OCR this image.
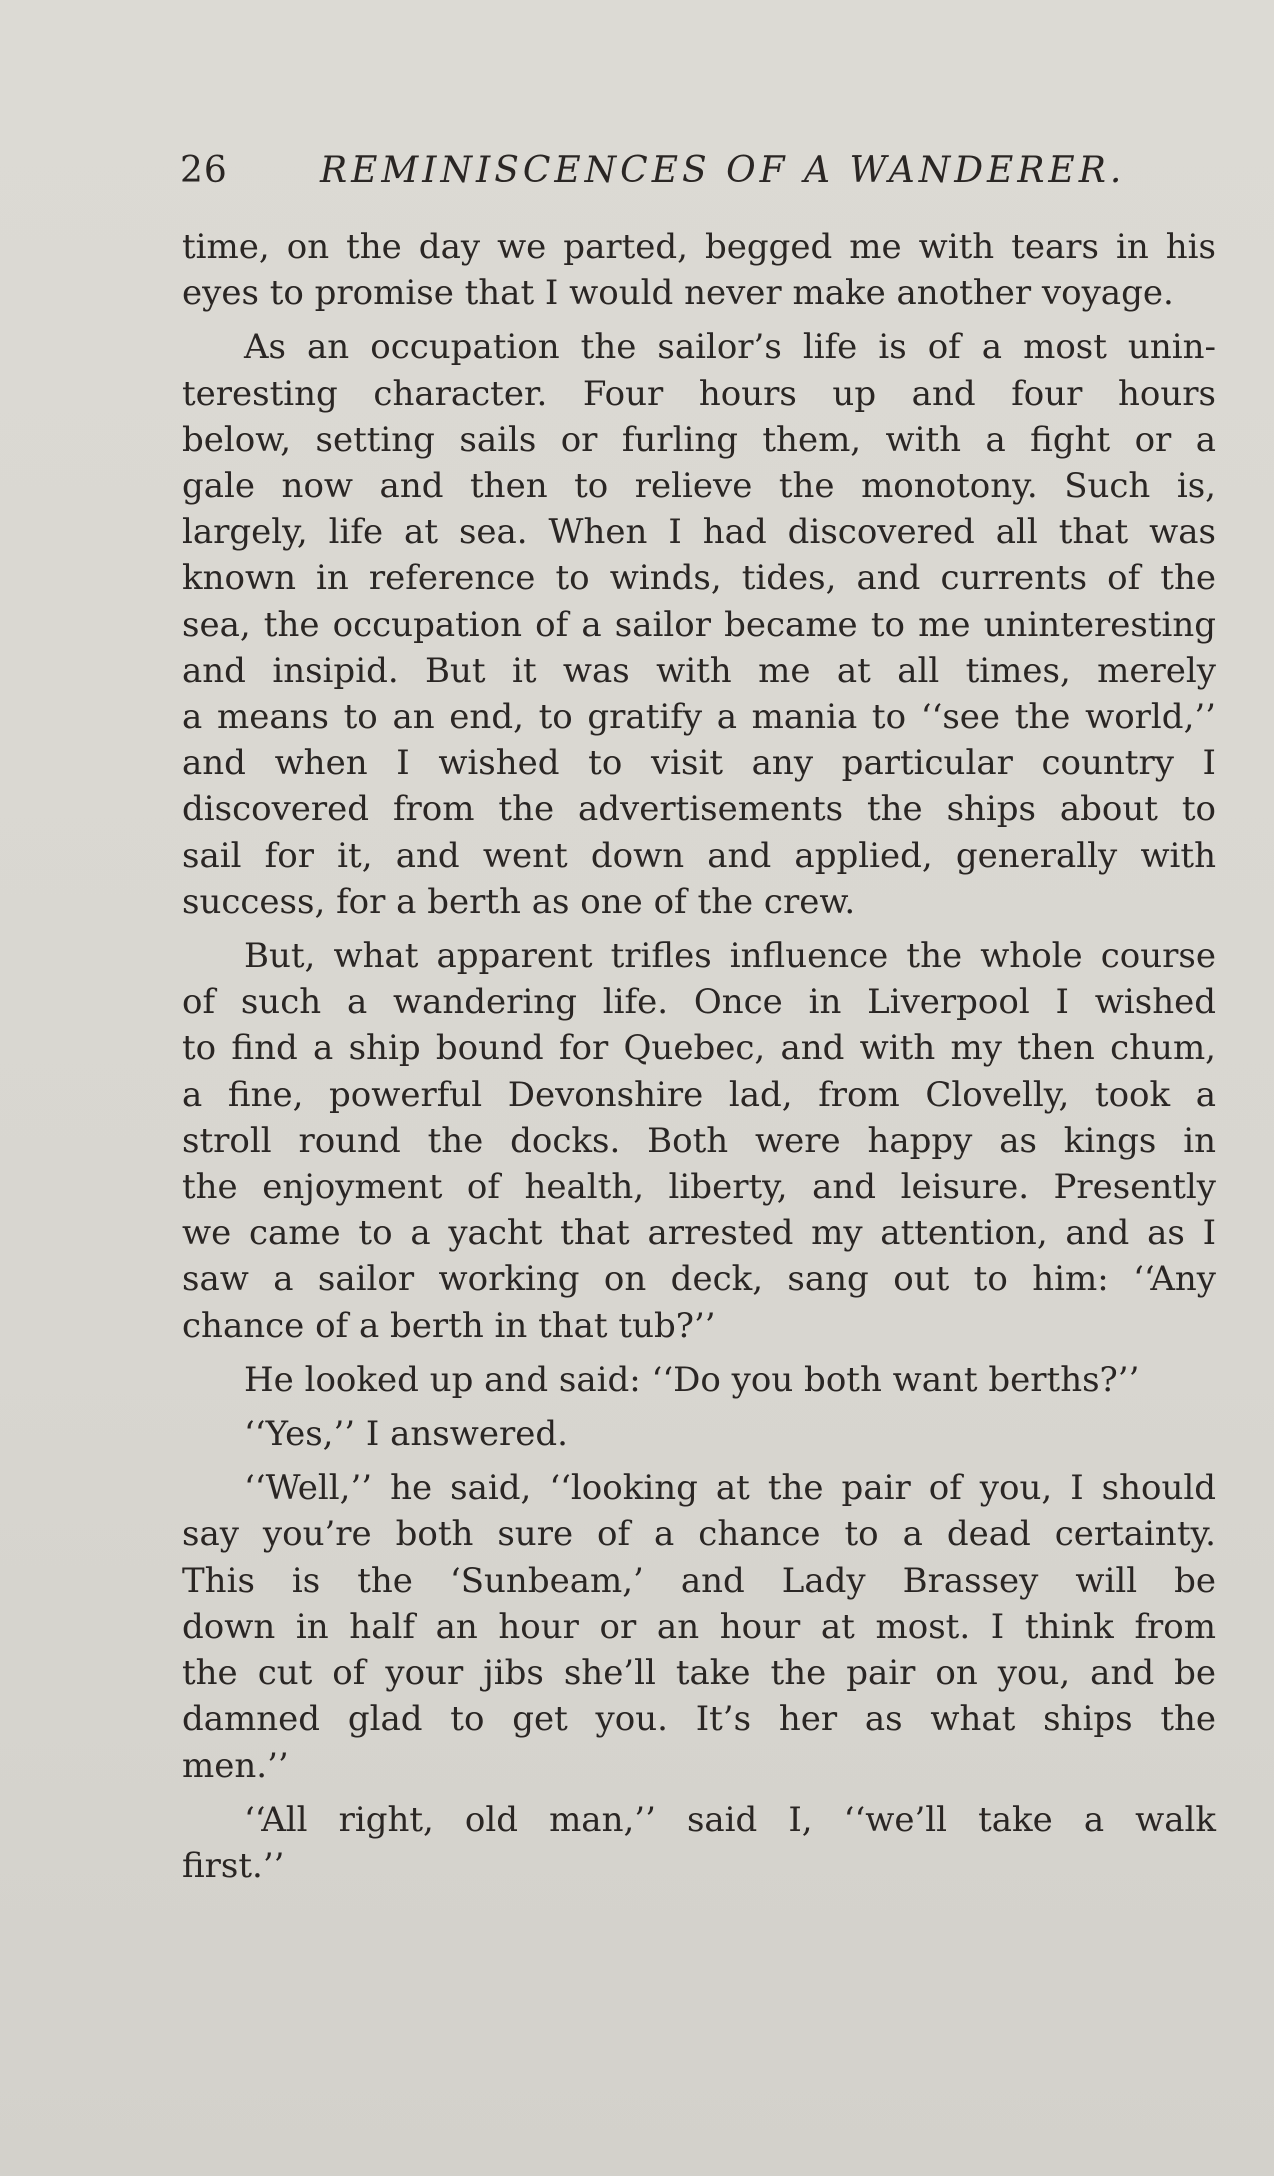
26	REMINISCENCES OF A WANDERER.
time, on the day we parted, begged me with tears in his
eyes to promise that I would never make another voyage.
As an occupation the sailor’s life is of a most unin-
teresting character. Four hours up and four hours
below, setting sails or furling them, with a fight or a
gale now and then to relieve the monotony. Such is,
largely, life at sea. When I had discovered all that was
known in reference to winds, tides, and currents of the
sea, the occupation of a sailor became to me uninteresting
and insipid. But it was with me at all times, merely
a means to an end, to gratify a mania to ‘‘see the world,’’
and when I wished to visit any particular country I
discovered from the advertisements the ships about to
sail for it, and went down and applied, generally with
success, for a berth as one of the crew.
But, what apparent trifles influence the whole course
of such a wandering life. Once in Liverpool I wished
to find a ship bound for Quebec, and with my then chum,
a fine, powerful Devonshire lad, from Clovelly, took a
stroll round the docks. Both were happy as kings in
the enjoyment of health, liberty, and leisure. Presently
we came to a yacht that arrested my attention, and as I
saw a sailor working on deck, sang out to him: ‘‘Any
chance of a berth in that tub?’’
He looked up and said: ‘‘Do you both want berths?’’
‘‘Yes,’’ I answered.
‘‘Well,’’ he said, ‘‘looking at the pair of you, I should
say you’re both sure of a chance to a dead certainty.
This is the ‘Sunbeam,’ and Lady Brassey will be
down in half an hour or an hour at most. I think from
the cut of your jibs she’ll take the pair on you, and be
damned glad to get you. It’s her as what ships the
men.’’
‘‘All right, old man,’’ said I, ‘‘we’ll take a walk
first.’’
